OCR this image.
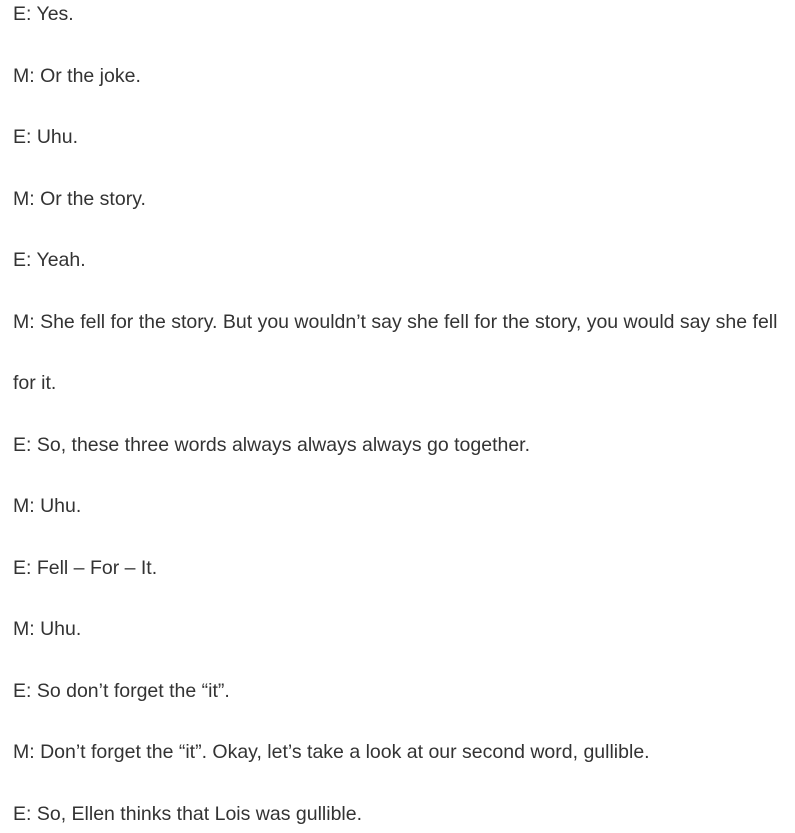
E: Yes.

M: Or the joke.

E: Uhu.

M: Or the story.

E: Yeah.

M: She fell for the story. But you wouldn’t say she fell for the story, you would say she fell for it.

E: So, these three words always always always go together.

M: Uhu.

E: Fell – For – It.

M: Uhu.

E: So don’t forget the “it”.

M: Don’t forget the “it”. Okay, let’s take a look at our second word, gullible.

E: So, Ellen thinks that Lois was gullible.
